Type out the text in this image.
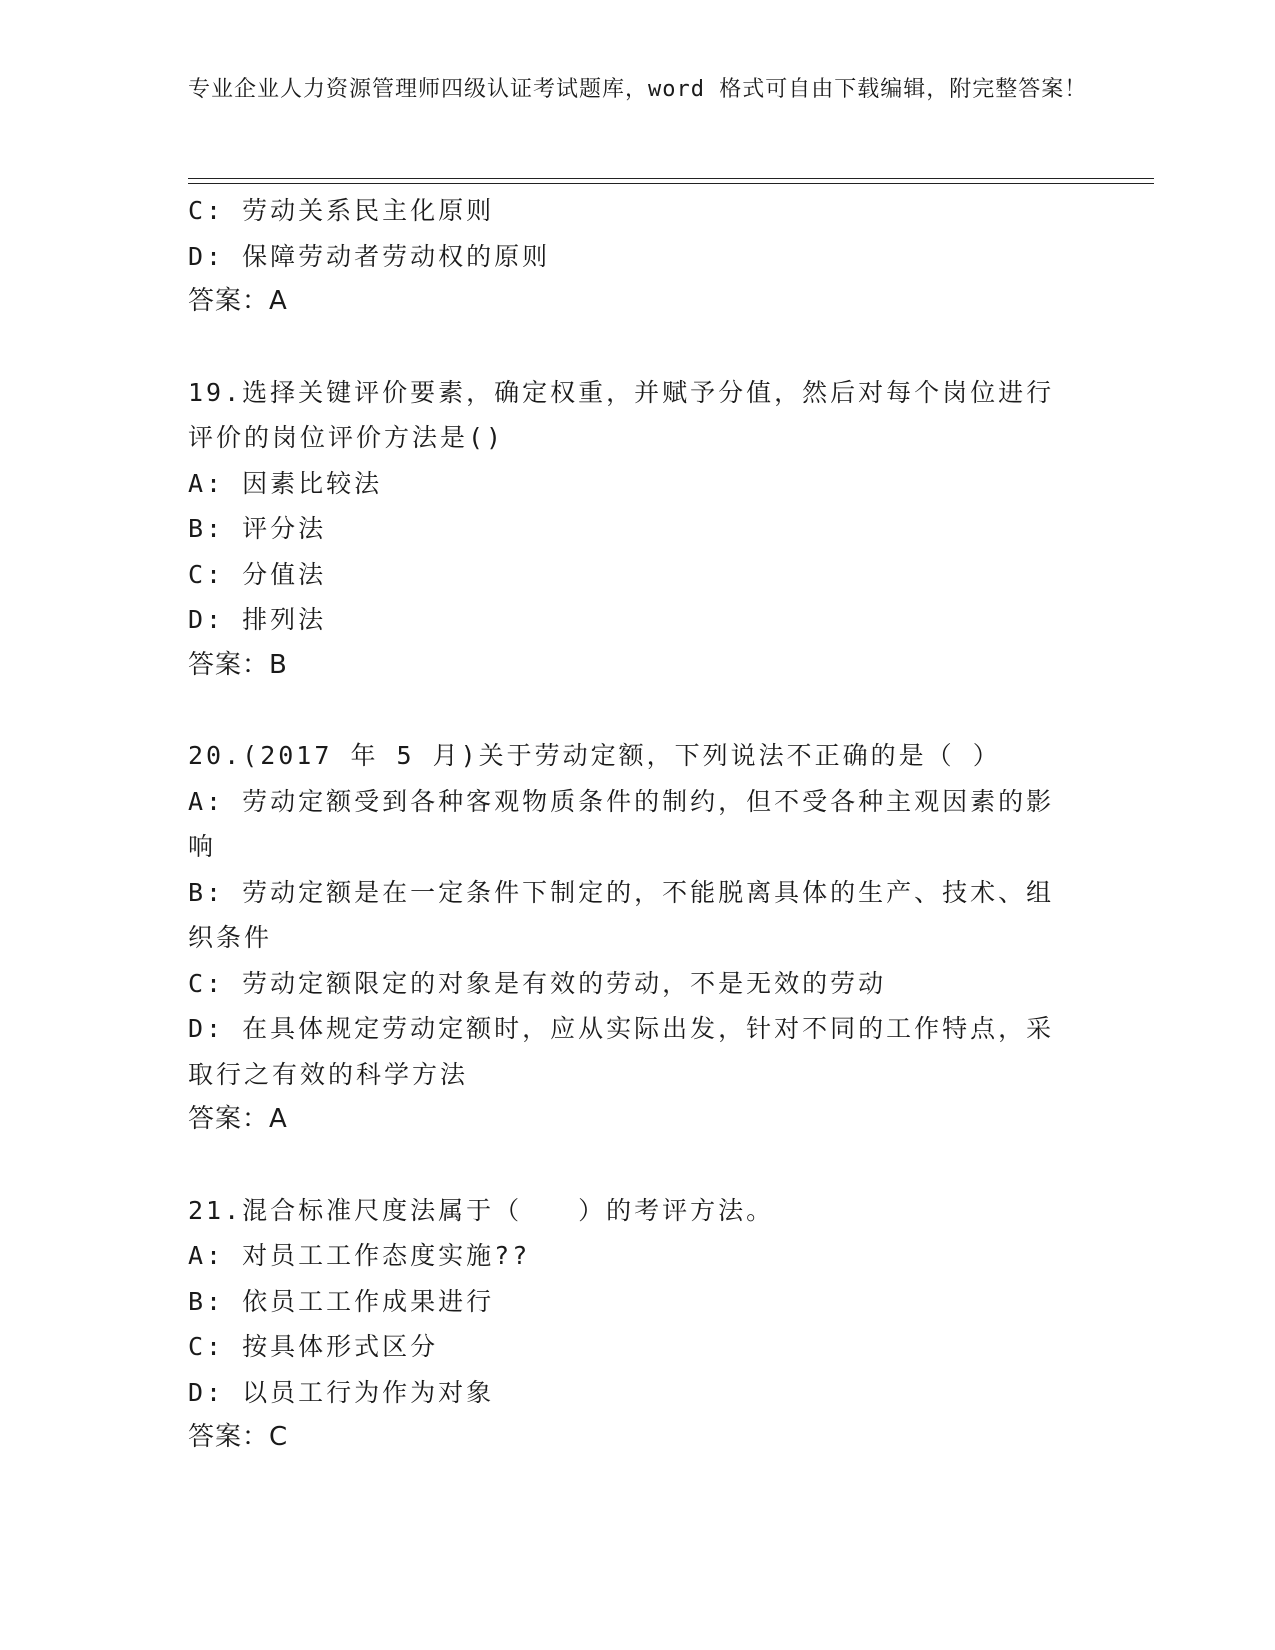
专业企业人力资源管理师四级认证考试题库，word 格式可自由下载编辑，附完整答案！
C: 劳动关系民主化原则
D: 保障劳动者劳动权的原则
答案：A
19.选择关键评价要素，确定权重，并赋予分值，然后对每个岗位进行
评价的岗位评价方法是()
A: 因素比较法
B: 评分法
C: 分值法
D: 排列法
答案：B
20.(2017 年 5 月)关于劳动定额，下列说法不正确的是（ ）
A: 劳动定额受到各种客观物质条件的制约，但不受各种主观因素的影
响
B: 劳动定额是在一定条件下制定的，不能脱离具体的生产、技术、组
织条件
C: 劳动定额限定的对象是有效的劳动，不是无效的劳动
D: 在具体规定劳动定额时，应从实际出发，针对不同的工作特点，采
取行之有效的科学方法
答案：A
21.混合标准尺度法属于（　　）的考评方法。
A: 对员工工作态度实施??
B: 依员工工作成果进行
C: 按具体形式区分
D: 以员工行为作为对象
答案：C
